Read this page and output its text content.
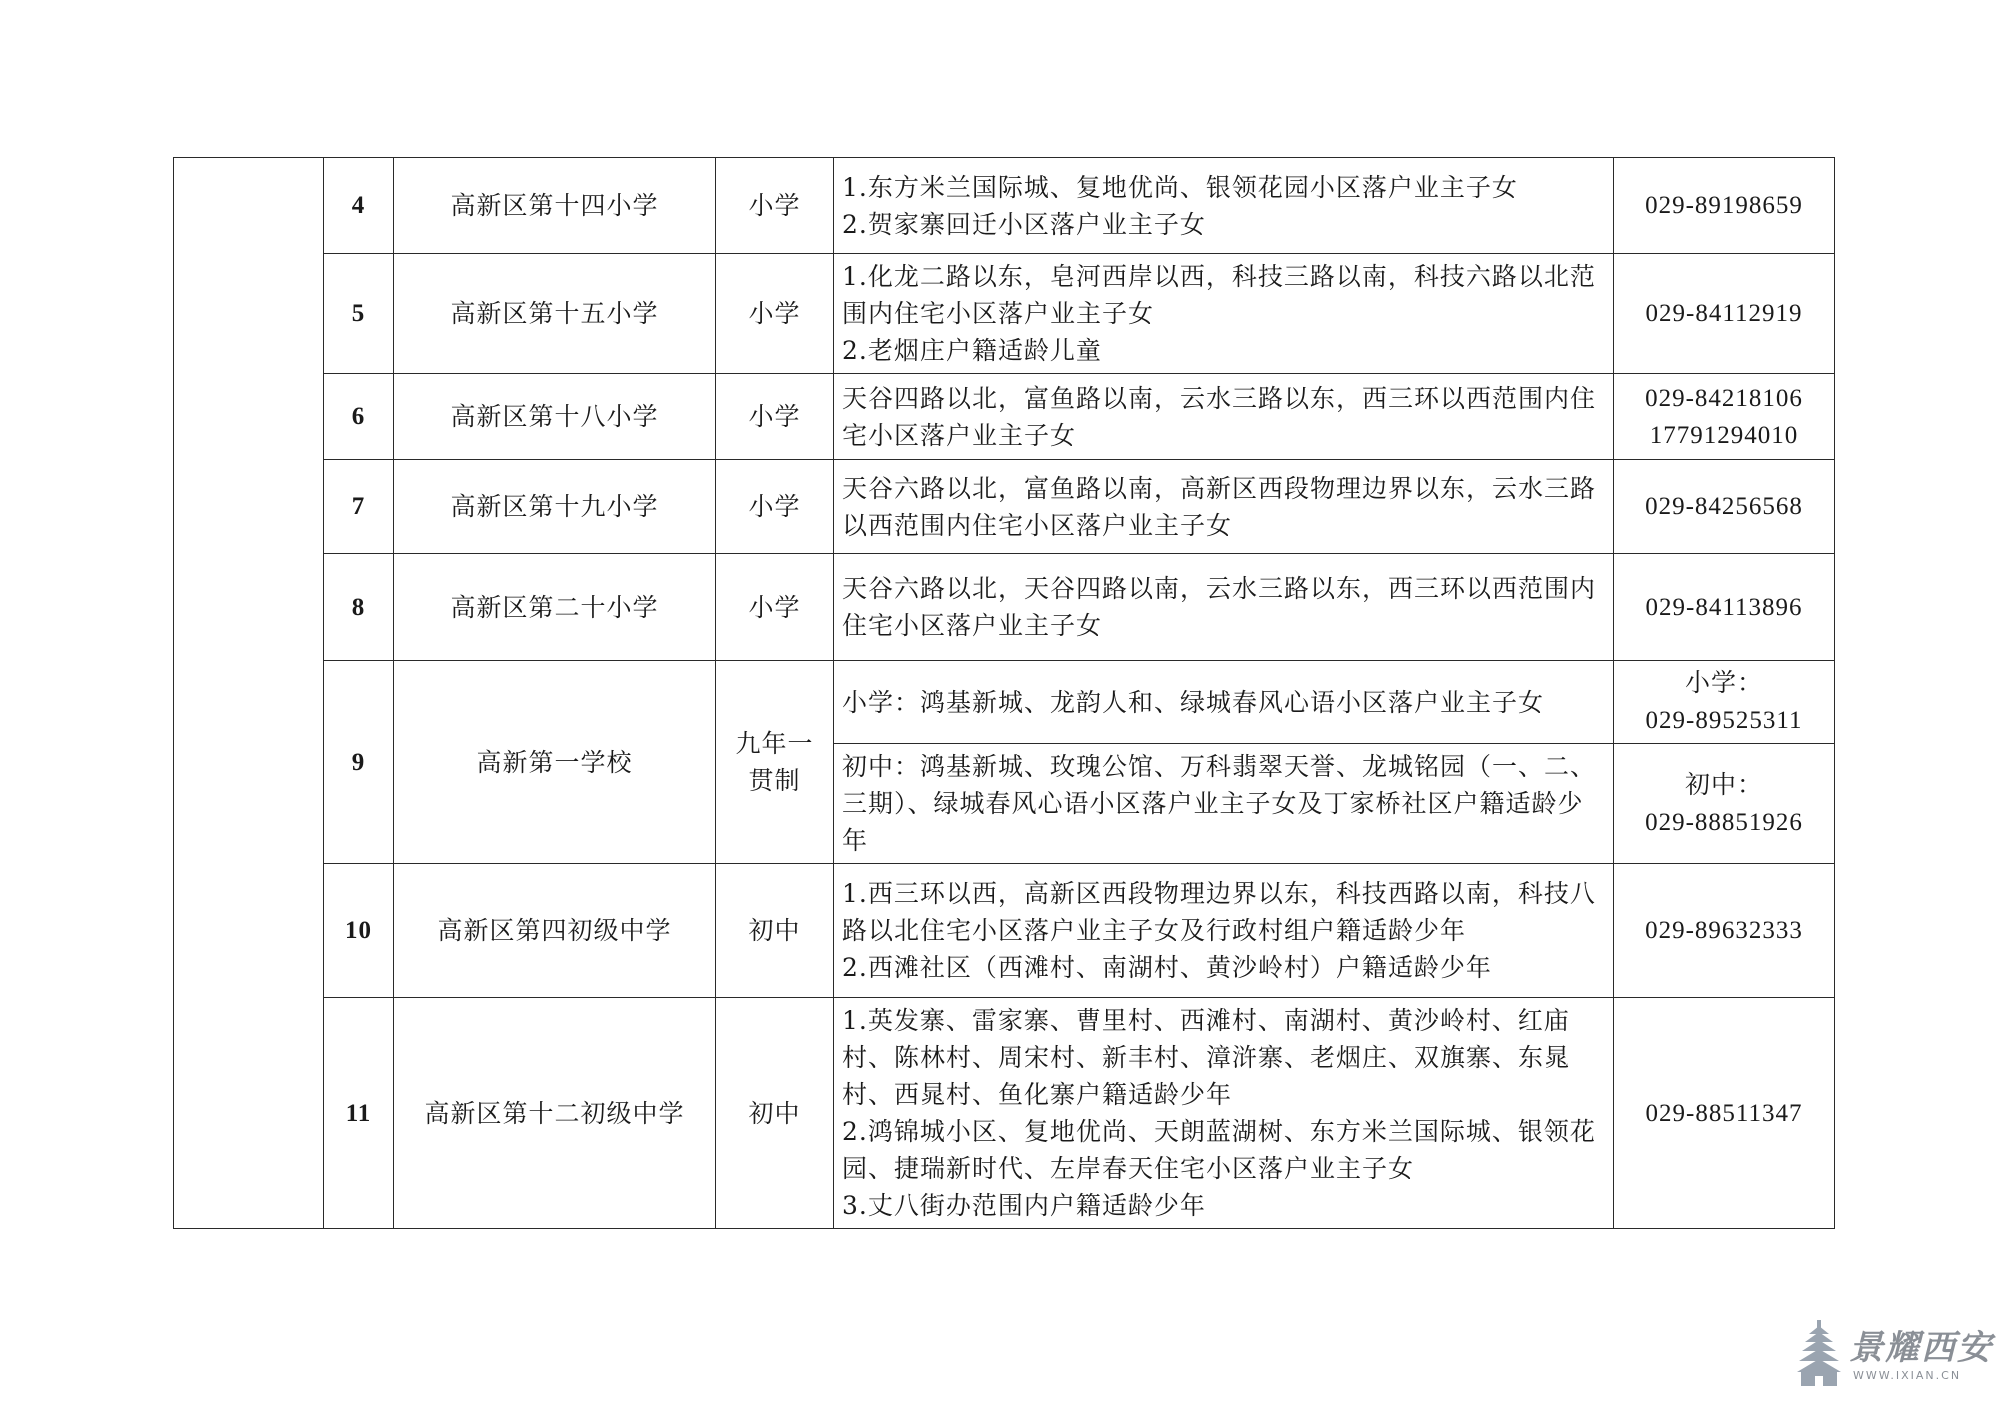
	4	高新区第十四小学	小学	1.东方米兰国际城、复地优尚、银领花园小区落户业主子女
2.贺家寨回迁小区落户业主子女	029-89198659

	5	高新区第十五小学	小学	1.化龙二路以东，皂河西岸以西，科技三路以南，科技六路以北范围内住宅小区落户业主子女
2.老烟庄户籍适龄儿童	029-84112919

	6	高新区第十八小学	小学	天谷四路以北，富鱼路以南，云水三路以东，西三环以西范围内住宅小区落户业主子女	029-84218106
17791294010

	7	高新区第十九小学	小学	天谷六路以北，富鱼路以南，高新区西段物理边界以东，云水三路以西范围内住宅小区落户业主子女	029-84256568

	8	高新区第二十小学	小学	天谷六路以北，天谷四路以南，云水三路以东，西三环以西范围内住宅小区落户业主子女	029-84113896

	9	高新第一学校	九年一贯制	小学：鸿基新城、龙韵人和、绿城春风心语小区落户业主子女	小学：
029-89525311

				初中：鸿基新城、玫瑰公馆、万科翡翠天誉、龙城铭园（一、二、三期）、绿城春风心语小区落户业主子女及丁家桥社区户籍适龄少年	初中：
029-88851926

	10	高新区第四初级中学	初中	1.西三环以西，高新区西段物理边界以东，科技西路以南，科技八路以北住宅小区落户业主子女及行政村组户籍适龄少年
2.西滩社区（西滩村、南湖村、黄沙岭村）户籍适龄少年	029-89632333

	11	高新区第十二初级中学	初中	1.英发寨、雷家寨、曹里村、西滩村、南湖村、黄沙岭村、红庙村、陈林村、周宋村、新丰村、漳浒寨、老烟庄、双旗寨、东晁村、西晁村、鱼化寨户籍适龄少年
2.鸿锦城小区、复地优尚、天朗蓝湖树、东方米兰国际城、银领花园、捷瑞新时代、左岸春天住宅小区落户业主子女
3.丈八街办范围内户籍适龄少年	029-88511347
景耀西安
WWW.IXIAN.CN
